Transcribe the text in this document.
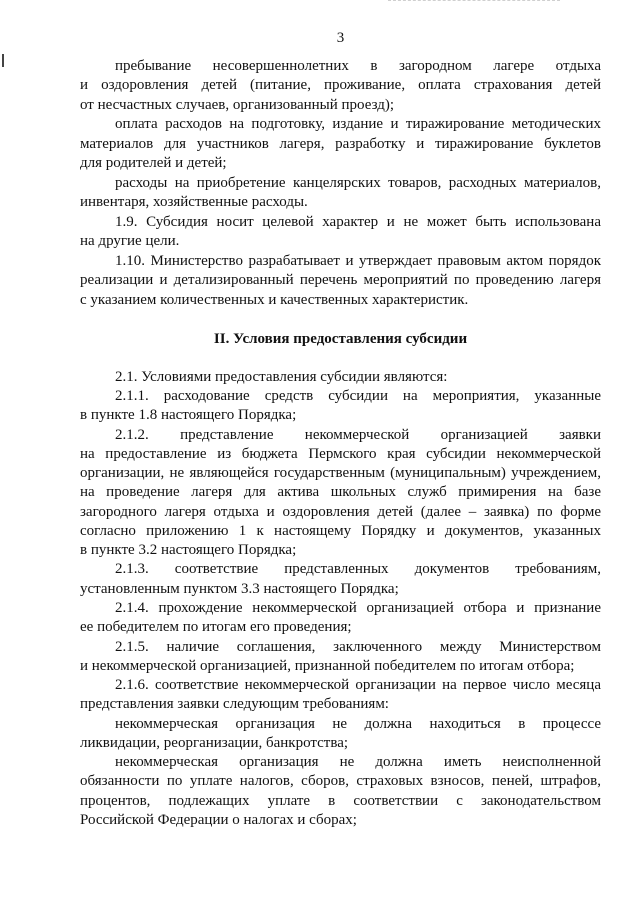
3
пребывание несовершеннолетних в загородном лагере отдыха
и оздоровления детей (питание, проживание, оплата страхования детей
от несчастных случаев, организованный проезд);
оплата расходов на подготовку, издание и тиражирование методических
материалов для участников лагеря, разработку и тиражирование буклетов
для родителей и детей;
расходы на приобретение канцелярских товаров, расходных материалов,
инвентаря, хозяйственные расходы.
1.9. Субсидия носит целевой характер и не может быть использована
на другие цели.
1.10. Министерство разрабатывает и утверждает правовым актом порядок
реализации и детализированный перечень мероприятий по проведению лагеря
с указанием количественных и качественных характеристик.
II. Условия предоставления субсидии
2.1. Условиями предоставления субсидии являются:
2.1.1. расходование средств субсидии на мероприятия, указанные
в пункте 1.8 настоящего Порядка;
2.1.2. представление некоммерческой организацией заявки
на предоставление из бюджета Пермского края субсидии некоммерческой
организации, не являющейся государственным (муниципальным) учреждением,
на проведение лагеря для актива школьных служб примирения на базе
загородного лагеря отдыха и оздоровления детей (далее – заявка) по форме
согласно приложению 1 к настоящему Порядку и документов, указанных
в пункте 3.2 настоящего Порядка;
2.1.3. соответствие представленных документов требованиям,
установленным пунктом 3.3 настоящего Порядка;
2.1.4. прохождение некоммерческой организацией отбора и признание
ее победителем по итогам его проведения;
2.1.5. наличие соглашения, заключенного между Министерством
и некоммерческой организацией, признанной победителем по итогам отбора;
2.1.6. соответствие некоммерческой организации на первое число месяца
представления заявки следующим требованиям:
некоммерческая организация не должна находиться в процессе
ликвидации, реорганизации, банкротства;
некоммерческая организация не должна иметь неисполненной
обязанности по уплате налогов, сборов, страховых взносов, пеней, штрафов,
процентов, подлежащих уплате в соответствии с законодательством
Российской Федерации о налогах и сборах;
